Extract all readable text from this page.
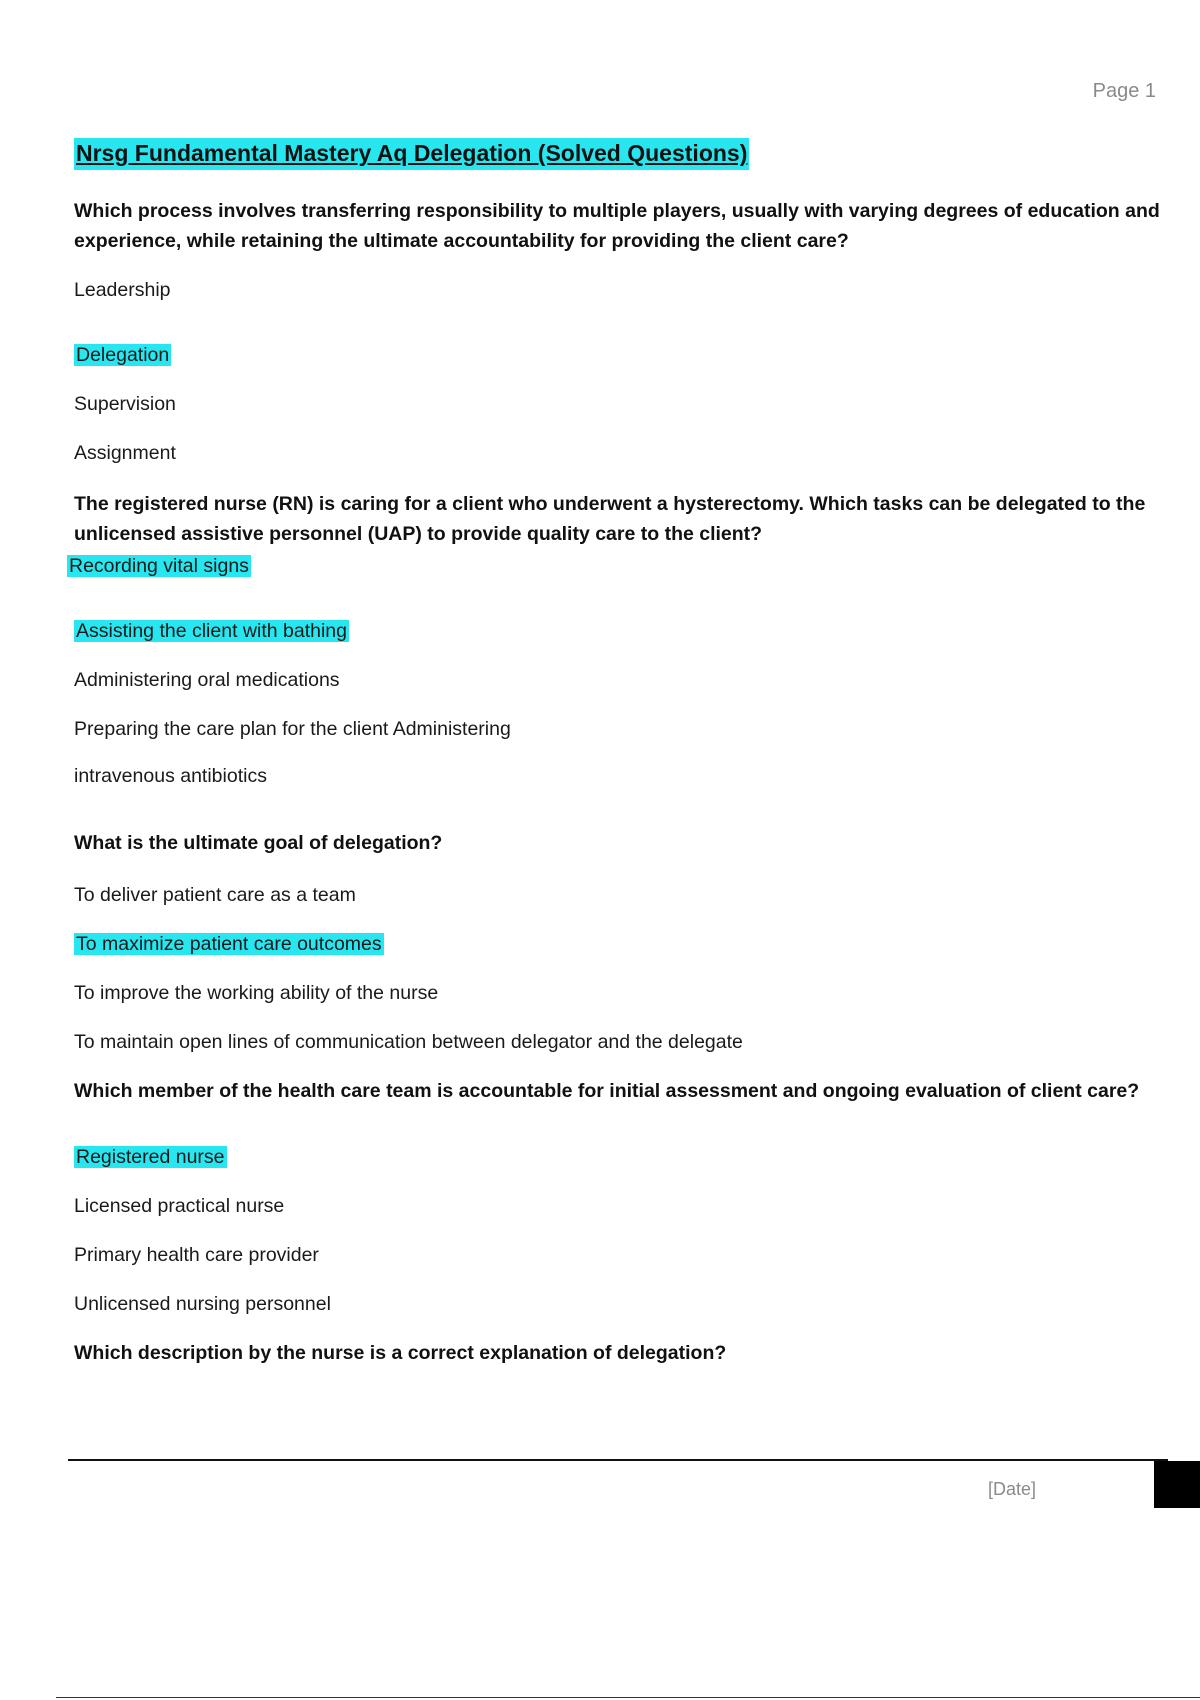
Page 1
Nrsg Fundamental Mastery Aq Delegation (Solved Questions)
Which process involves transferring responsibility to multiple players, usually with varying degrees of education and experience, while retaining the ultimate accountability for providing the client care?
Leadership
Delegation
Supervision
Assignment
The registered nurse (RN) is caring for a client who underwent a hysterectomy. Which tasks can be delegated to the unlicensed assistive personnel (UAP) to provide quality care to the client?
Recording vital signs
Assisting the client with bathing
Administering oral medications
Preparing the care plan for the client Administering
intravenous antibiotics
What is the ultimate goal of delegation?
To deliver patient care as a team
To maximize patient care outcomes
To improve the working ability of the nurse
To maintain open lines of communication between delegator and the delegate
Which member of the health care team is accountable for initial assessment and ongoing evaluation of client care?
Registered nurse
Licensed practical nurse
Primary health care provider
Unlicensed nursing personnel
Which description by the nurse is a correct explanation of delegation?
[Date]
